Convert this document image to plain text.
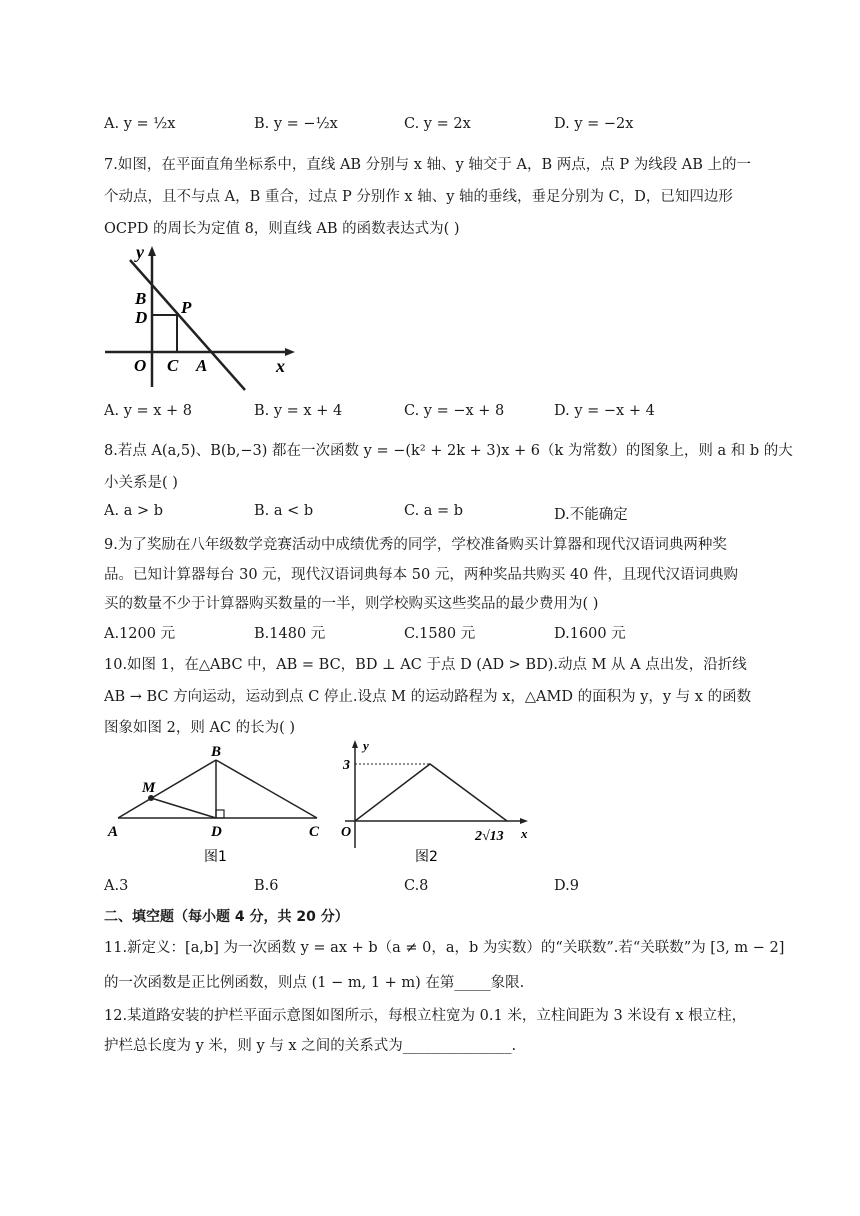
A. y = ½x	B. y = −½x	C. y = 2x	D. y = −2x
7.如图，在平面直角坐标系中，直线 AB 分别与 x 轴、y 轴交于 A，B 两点，点 P 为线段 AB 上的一
个动点，且不与点 A，B 重合，过点 P 分别作 x 轴、y 轴的垂线，垂足分别为 C，D，已知四边形
OCPD 的周长为定值 8，则直线 AB 的函数表达式为( )
y
x
B
D
P
O C A
A. y = x + 8	B. y = x + 4	C. y = −x + 8	D. y = −x + 4
8.若点 A(a,5)、B(b,−3) 都在一次函数 y = −(k² + 2k + 3)x + 6（k 为常数）的图象上，则 a 和 b 的大
小关系是( )
A. a > b	B. a < b	C. a = b	D.不能确定
9.为了奖励在八年级数学竞赛活动中成绩优秀的同学，学校准备购买计算器和现代汉语词典两种奖
品。已知计算器每台 30 元，现代汉语词典每本 50 元，两种奖品共购买 40 件，且现代汉语词典购
买的数量不少于计算器购买数量的一半，则学校购买这些奖品的最少费用为( )
A.1200 元	B.1480 元	C.1580 元	D.1600 元
10.如图 1，在△ABC 中，AB = BC，BD ⊥ AC 于点 D (AD > BD).动点 M 从 A 点出发，沿折线
AB → BC 方向运动，运动到点 C 停止.设点 M 的运动路程为 x，△AMD 的面积为 y，y 与 x 的函数
图象如图 2，则 AC 的长为( )
B
M
A	D	C
图1
y
x
3
O	2√13
图2
A.3	B.6	C.8	D.9
二、填空题（每小题 4 分，共 20 分）
11.新定义：[a,b] 为一次函数 y = ax + b（a ≠ 0，a，b 为实数）的“关联数”.若“关联数”为 [3, m − 2]
的一次函数是正比例函数，则点 (1 − m, 1 + m) 在第_____象限.
12.某道路安装的护栏平面示意图如图所示，每根立柱宽为 0.1 米，立柱间距为 3 米设有 x 根立柱，
护栏总长度为 y 米，则 y 与 x 之间的关系式为_______________.
